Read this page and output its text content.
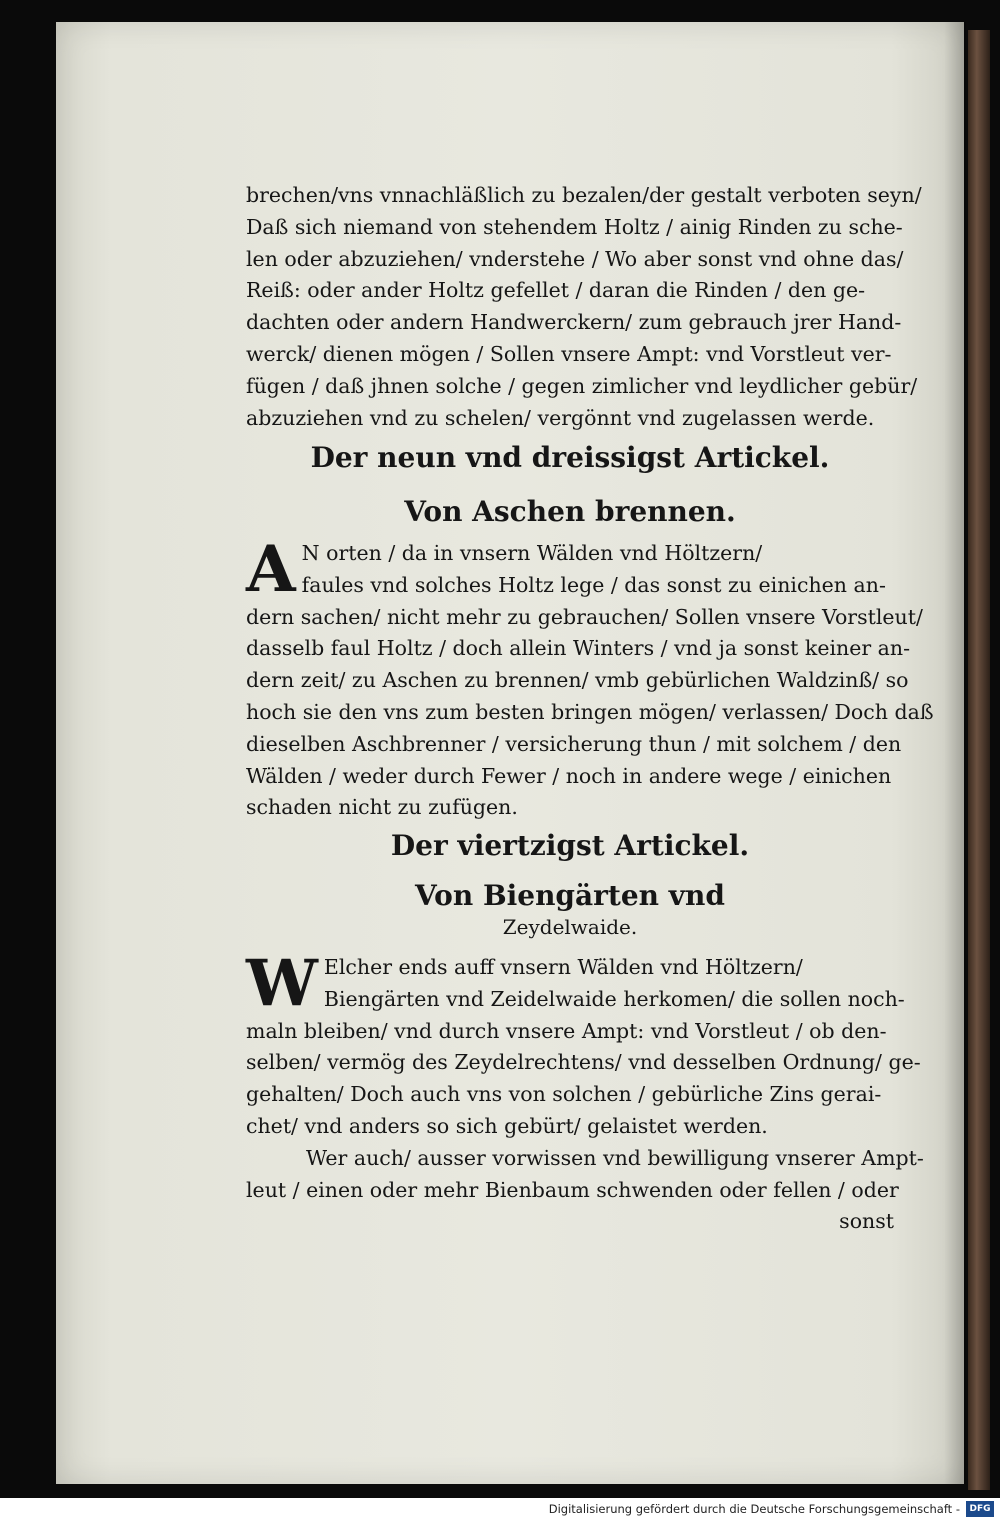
brechen/vns vnnachläßlich zu bezalen/der gestalt verboten seyn/

Daß sich niemand von stehendem Holtz / ainig Rinden zu sche-

len oder abzuziehen/ vnderstehe / Wo aber sonst vnd ohne das/

Reiß: oder ander Holtz gefellet / daran die Rinden / den ge-

dachten oder andern Handwerckern/ zum gebrauch jrer Hand-

werck/ dienen mögen / Sollen vnsere Ampt: vnd Vorstleut ver-

fügen / daß jhnen solche / gegen zimlicher vnd leydlicher gebür/

abzuziehen vnd zu schelen/ vergönnt vnd zugelassen werde.

Der neun vnd dreissigst Artickel.

Von Aschen brennen.

AN orten / da in vnsern Wälden vnd Höltzern/

faules vnd solches Holtz lege / das sonst zu einichen an-

dern sachen/ nicht mehr zu gebrauchen/ Sollen vnsere Vorstleut/

dasselb faul Holtz / doch allein Winters / vnd ja sonst keiner an-

dern zeit/ zu Aschen zu brennen/ vmb gebürlichen Waldzinß/ so

hoch sie den vns zum besten bringen mögen/ verlassen/ Doch daß

dieselben Aschbrenner / versicherung thun / mit solchem / den

Wälden / weder durch Fewer / noch in andere wege / einichen

schaden nicht zu zufügen.

Der viertzigst Artickel.

Von Biengärten vnd

Zeydelwaide.

WElcher ends auff vnsern Wälden vnd Höltzern/

Biengärten vnd Zeidelwaide herkomen/ die sollen noch-

maln bleiben/ vnd durch vnsere Ampt: vnd Vorstleut / ob den-

selben/ vermög des Zeydelrechtens/ vnd desselben Ordnung/ ge-

gehalten/ Doch auch vns von solchen / gebürliche Zins gerai-

chet/ vnd anders so sich gebürt/ gelaistet werden.

Wer auch/ ausser vorwissen vnd bewilligung vnserer Ampt-

leut / einen oder mehr Bienbaum schwenden oder fellen / oder

sonst

Digitalisierung gefördert durch die Deutsche Forschungsgemeinschaft -	DFG
